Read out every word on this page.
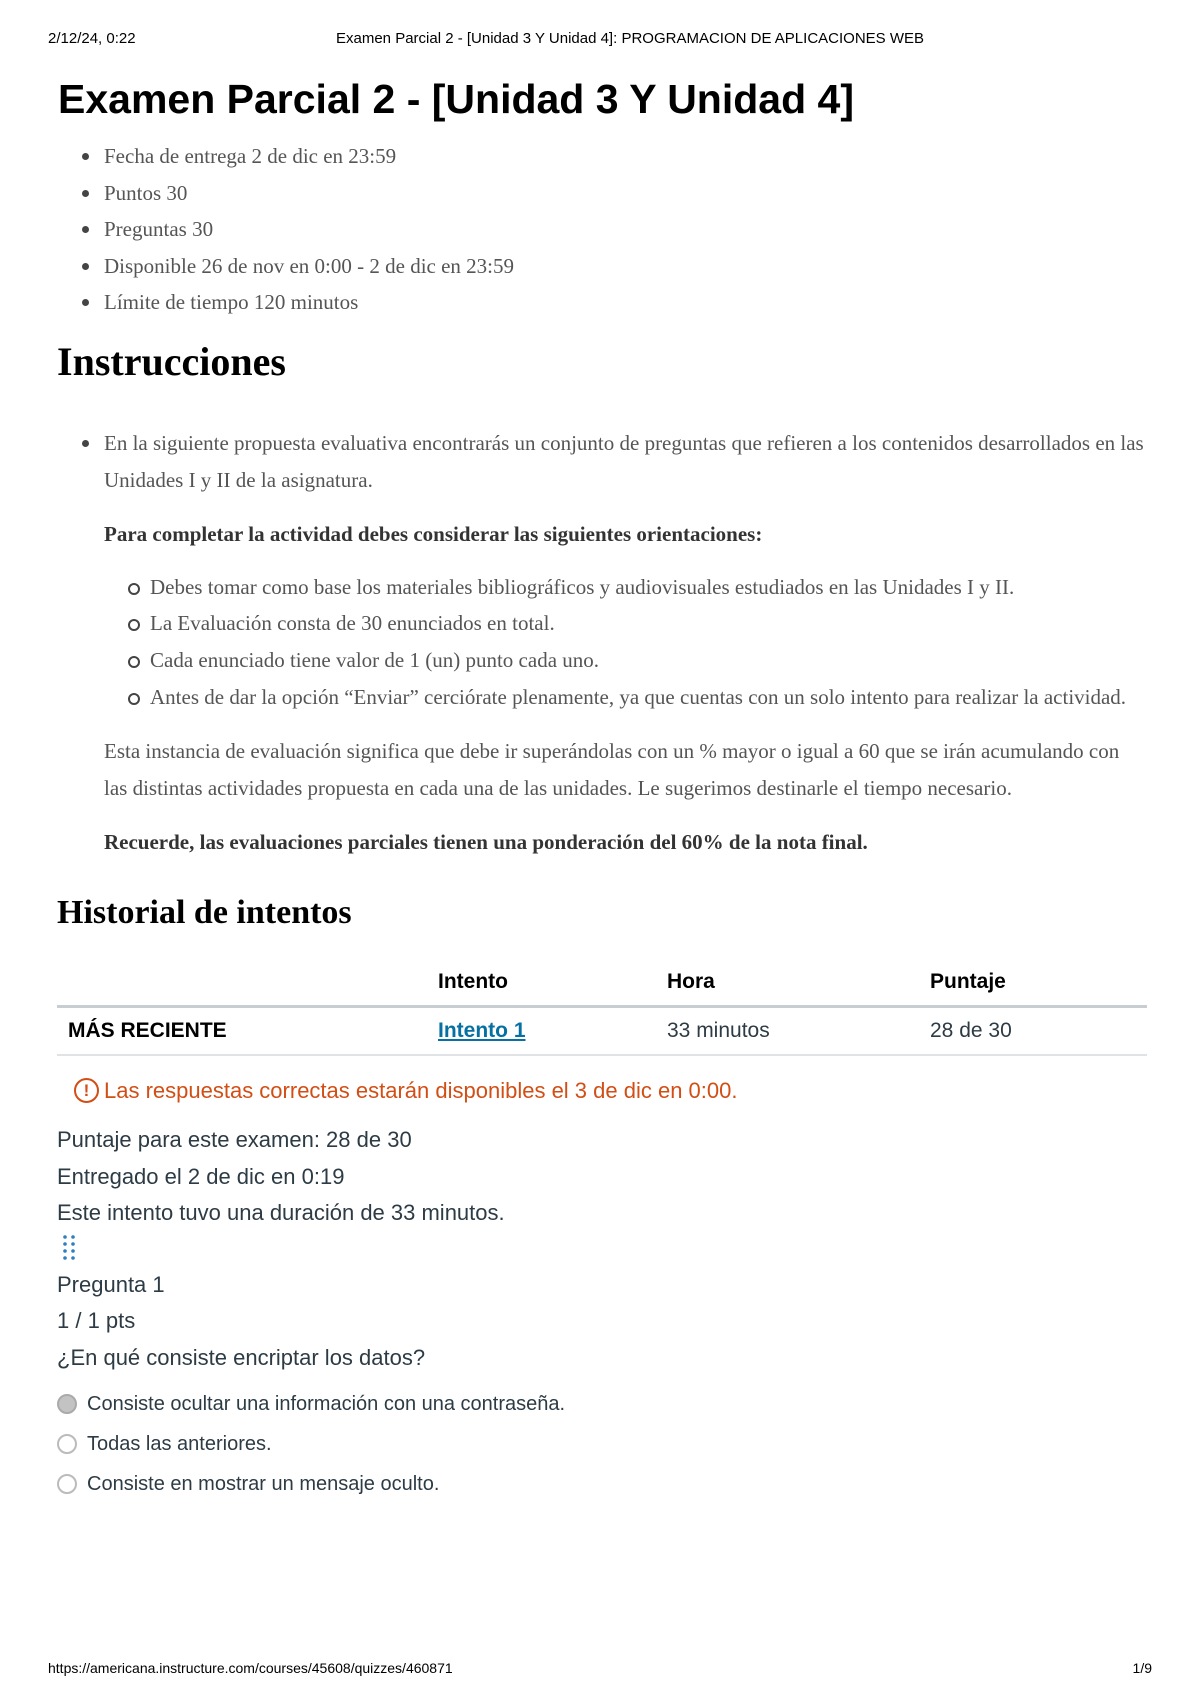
2/12/24, 0:22	Examen Parcial 2 - [Unidad 3 Y Unidad 4]: PROGRAMACION DE APLICACIONES WEB
Examen Parcial 2 - [Unidad 3 Y Unidad 4]
Fecha de entrega 2 de dic en 23:59
Puntos 30
Preguntas 30
Disponible 26 de nov en 0:00 - 2 de dic en 23:59
Límite de tiempo 120 minutos
Instrucciones
En la siguiente propuesta evaluativa encontrarás un conjunto de preguntas que refieren a los contenidos desarrollados en las Unidades I y II de la asignatura.
Para completar la actividad debes considerar las siguientes orientaciones:
Debes tomar como base los materiales bibliográficos y audiovisuales estudiados en las Unidades I y II.
La Evaluación consta de 30 enunciados en total.
Cada enunciado tiene valor de 1 (un) punto cada uno.
Antes de dar la opción “Enviar” cerciórate plenamente, ya que cuentas con un solo intento para realizar la actividad.
Esta instancia de evaluación significa que debe ir superándolas con un % mayor o igual a 60 que se irán acumulando con las distintas actividades propuesta en cada una de las unidades. Le sugerimos destinarle el tiempo necesario.
Recuerde, las evaluaciones parciales tienen una ponderación del 60% de la nota final.
Historial de intentos
	Intento	Hora	Puntaje
MÁS RECIENTE	Intento 1	33 minutos	28 de 30
! Las respuestas correctas estarán disponibles el 3 de dic en 0:00.
Puntaje para este examen: 28 de 30
Entregado el 2 de dic en 0:19
Este intento tuvo una duración de 33 minutos.
Pregunta 1
1 / 1 pts
¿En qué consiste encriptar los datos?
Consiste ocultar una información con una contraseña.
Todas las anteriores.
Consiste en mostrar un mensaje oculto.
https://americana.instructure.com/courses/45608/quizzes/460871	1/9
